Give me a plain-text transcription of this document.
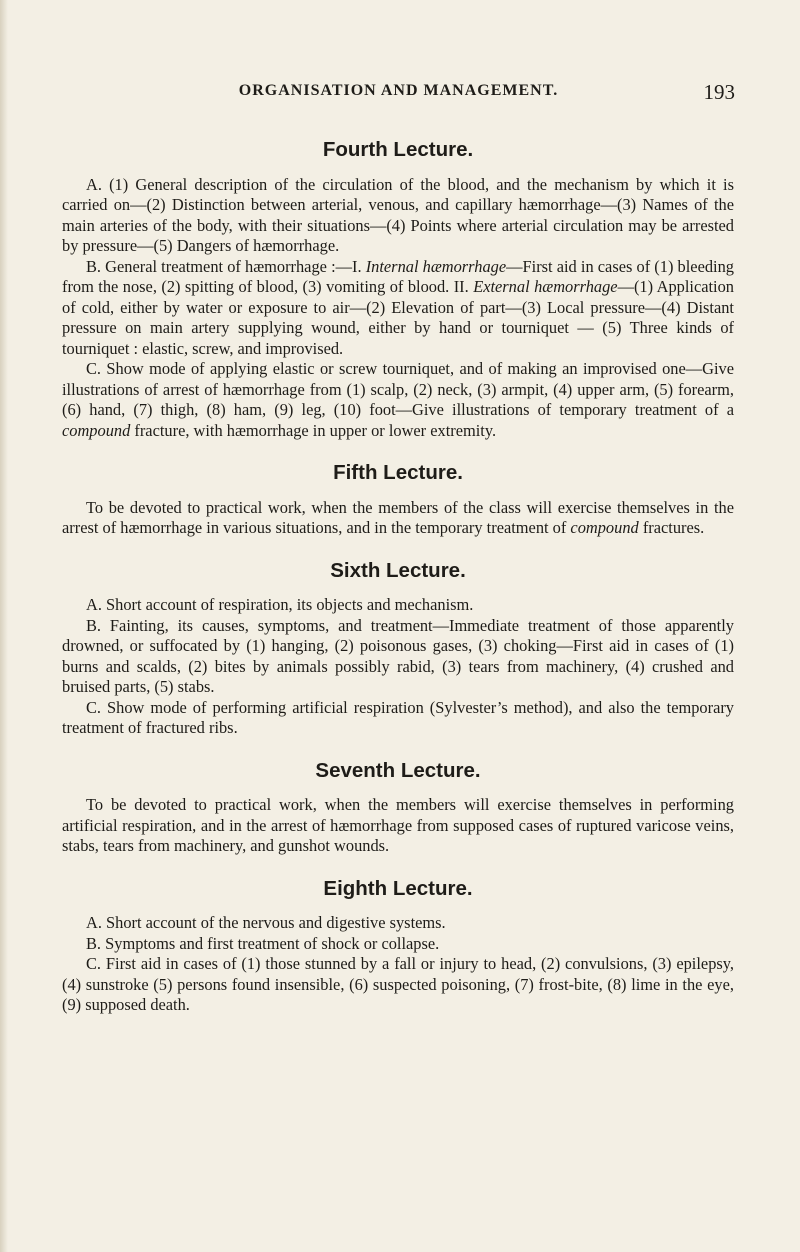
ORGANISATION AND MANAGEMENT.	193
Fourth Lecture.

A. (1) General description of the circulation of the blood, and the mechanism by which it is carried on—(2) Distinction between arterial, venous, and capillary hæmorrhage—(3) Names of the main arteries of the body, with their situations—(4) Points where arterial circulation may be arrested by pressure—(5) Dangers of hæmorrhage.

B. General treatment of hæmorrhage :—I. Internal hæmorrhage—First aid in cases of (1) bleeding from the nose, (2) spitting of blood, (3) vomiting of blood. II. External hæmorrhage—(1) Application of cold, either by water or exposure to air—(2) Elevation of part—(3) Local pressure—(4) Distant pressure on main artery supplying wound, either by hand or tourniquet — (5) Three kinds of tourniquet : elastic, screw, and improvised.

C. Show mode of applying elastic or screw tourniquet, and of making an improvised one—Give illustrations of arrest of hæmorrhage from (1) scalp, (2) neck, (3) armpit, (4) upper arm, (5) forearm, (6) hand, (7) thigh, (8) ham, (9) leg, (10) foot—Give illustrations of temporary treatment of a compound fracture, with hæmorrhage in upper or lower extremity.

Fifth Lecture.

To be devoted to practical work, when the members of the class will exercise themselves in the arrest of hæmorrhage in various situations, and in the temporary treatment of compound fractures.

Sixth Lecture.

A. Short account of respiration, its objects and mechanism.

B. Fainting, its causes, symptoms, and treatment—Immediate treatment of those apparently drowned, or suffocated by (1) hanging, (2) poisonous gases, (3) choking—First aid in cases of (1) burns and scalds, (2) bites by animals possibly rabid, (3) tears from machinery, (4) crushed and bruised parts, (5) stabs.

C. Show mode of performing artificial respiration (Sylvester’s method), and also the temporary treatment of fractured ribs.

Seventh Lecture.

To be devoted to practical work, when the members will exercise themselves in performing artificial respiration, and in the arrest of hæmorrhage from supposed cases of ruptured varicose veins, stabs, tears from machinery, and gunshot wounds.

Eighth Lecture.

A. Short account of the nervous and digestive systems.

B. Symptoms and first treatment of shock or collapse.

C. First aid in cases of (1) those stunned by a fall or injury to head, (2) convulsions, (3) epilepsy, (4) sunstroke (5) persons found insensible, (6) suspected poisoning, (7) frost-bite, (8) lime in the eye, (9) supposed death.
